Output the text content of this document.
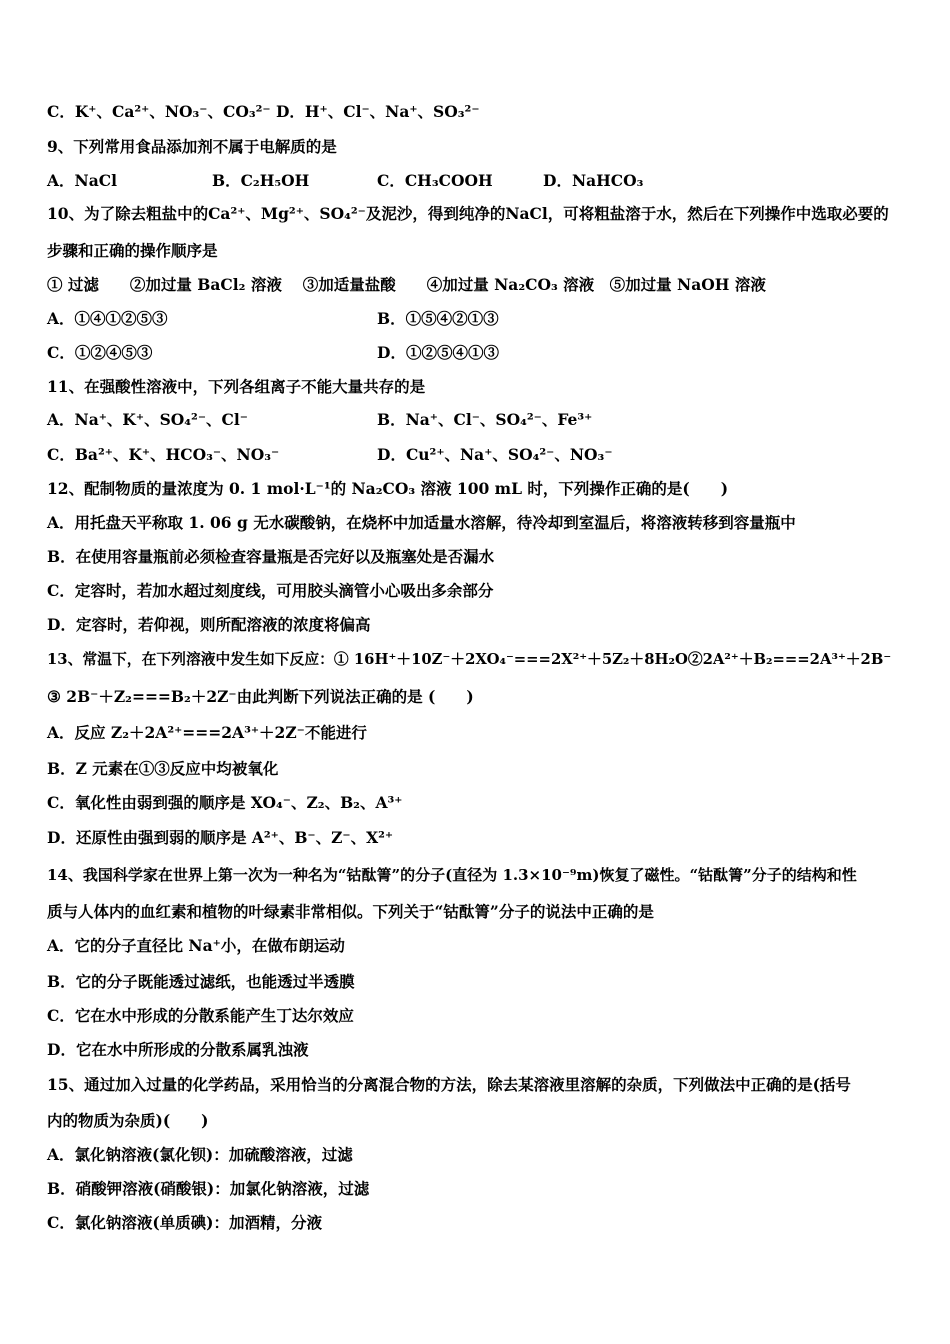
C．K⁺、Ca²⁺、NO₃⁻、CO₃²⁻ D．H⁺、Cl⁻、Na⁺、SO₃²⁻
9、下列常用食品添加剂不属于电解质的是
A．NaCl	B．C₂H₅OH	C．CH₃COOH	D．NaHCO₃
10、为了除去粗盐中的Ca²⁺、Mg²⁺、SO₄²⁻及泥沙，得到纯净的NaCl，可将粗盐溶于水，然后在下列操作中选取必要的
步骤和正确的操作顺序是
① 过滤　　②加过量 BaCl₂ 溶液　 ③加适量盐酸　　④加过量 Na₂CO₃ 溶液　⑤加过量 NaOH 溶液
A．①④①②⑤③	B．①⑤④②①③
C．①②④⑤③	D．①②⑤④①③
11、在强酸性溶液中，下列各组离子不能大量共存的是
A．Na⁺、K⁺、SO₄²⁻、Cl⁻	B．Na⁺、Cl⁻、SO₄²⁻、Fe³⁺
C．Ba²⁺、K⁺、HCO₃⁻、NO₃⁻	D．Cu²⁺、Na⁺、SO₄²⁻、NO₃⁻
12、配制物质的量浓度为 0. 1 mol·L⁻¹的 Na₂CO₃ 溶液 100 mL 时，下列操作正确的是(　　)
A．用托盘天平称取 1. 06 g 无水碳酸钠，在烧杯中加适量水溶解，待冷却到室温后，将溶液转移到容量瓶中
B．在使用容量瓶前必须检查容量瓶是否完好以及瓶塞处是否漏水
C．定容时，若加水超过刻度线，可用胶头滴管小心吸出多余部分
D．定容时，若仰视，则所配溶液的浓度将偏高
13、常温下，在下列溶液中发生如下反应：① 16H⁺＋10Z⁻＋2XO₄⁻===2X²⁺＋5Z₂＋8H₂O②2A²⁺＋B₂===2A³⁺＋2B⁻
③ 2B⁻＋Z₂===B₂＋2Z⁻由此判断下列说法正确的是 (　　)
A．反应 Z₂＋2A²⁺===2A³⁺＋2Z⁻不能进行
B．Z 元素在①③反应中均被氧化
C．氧化性由弱到强的顺序是 XO₄⁻、Z₂、B₂、A³⁺
D．还原性由强到弱的顺序是 A²⁺、B⁻、Z⁻、X²⁺
14、我国科学家在世界上第一次为一种名为“钴酞箐”的分子(直径为 1.3×10⁻⁹m)恢复了磁性。“钴酞箐”分子的结构和性
质与人体内的血红素和植物的叶绿素非常相似。下列关于“钴酞箐”分子的说法中正确的是
A．它的分子直径比 Na⁺小，在做布朗运动
B．它的分子既能透过滤纸，也能透过半透膜
C．它在水中形成的分散系能产生丁达尔效应
D．它在水中所形成的分散系属乳浊液
15、通过加入过量的化学药品，采用恰当的分离混合物的方法，除去某溶液里溶解的杂质，下列做法中正确的是(括号
内的物质为杂质)(　　)
A．氯化钠溶液(氯化钡)：加硫酸溶液，过滤
B．硝酸钾溶液(硝酸银)：加氯化钠溶液，过滤
C．氯化钠溶液(单质碘)：加酒精，分液
